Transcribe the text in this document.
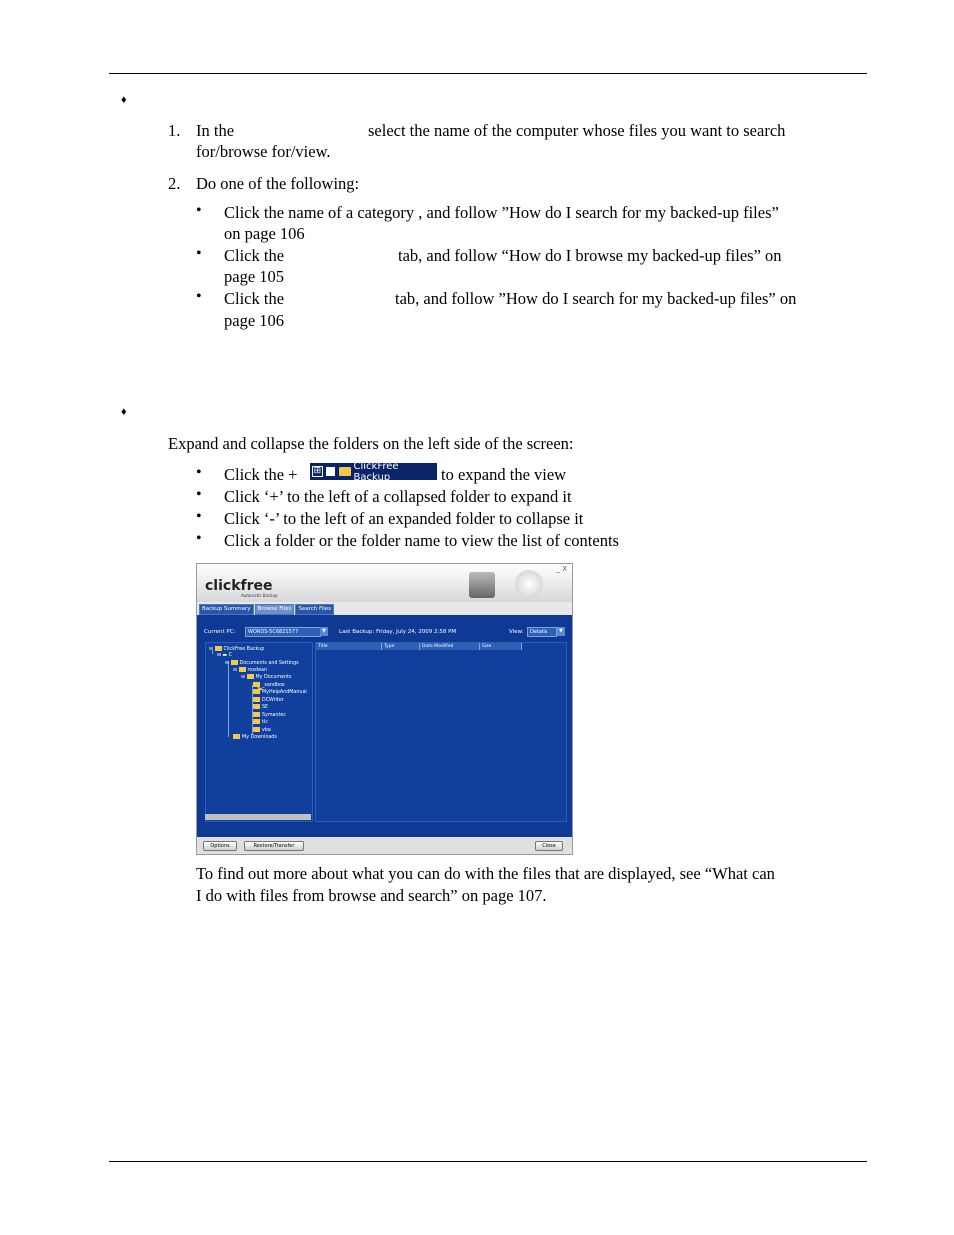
♦
1. In the	select the name of the computer whose files you want to search
for/browse for/view.
2. Do one of the following:
• Click the name of a category , and follow ”How do I search for my backed-up files”
on page 106
• Click the	tab, and follow “How do I browse my backed-up files” on
page 105
• Click the	tab, and follow ”How do I search for my backed-up files” on
page 106
♦
Expand and collapse the folders on the left side of the screen:
• Click the + ⊞	ClickFree Backup	to expand the view
• Click ‘+’ to the left of a collapsed folder to expand it
• Click ‘-’ to the left of an expanded folder to collapse it
• Click a folder or the folder name to view the list of contents
clickfree
Automatic Backup
_ X
Backup Summary	Browse Files	Search Files
Current PC:	WORDS-5C6821577	▼	Last Backup: Friday, July 24, 2009 2:58 PM	View:	Details	▼
⊟ ClickFree Backup
⊟ ▬ C
⊟ Documents and Settings
⊟ roxdean
⊟ My Documents
_sandbox
MyHelpAndManual
DCWriter
SE
Symantec
tlc
vba
My Downloads
➤
Title	Type	Date Modified	Size
Options	Restore/Transfer	Close
To find out more about what you can do with the files that are displayed, see “What can
I do with files from browse and search” on page 107.
